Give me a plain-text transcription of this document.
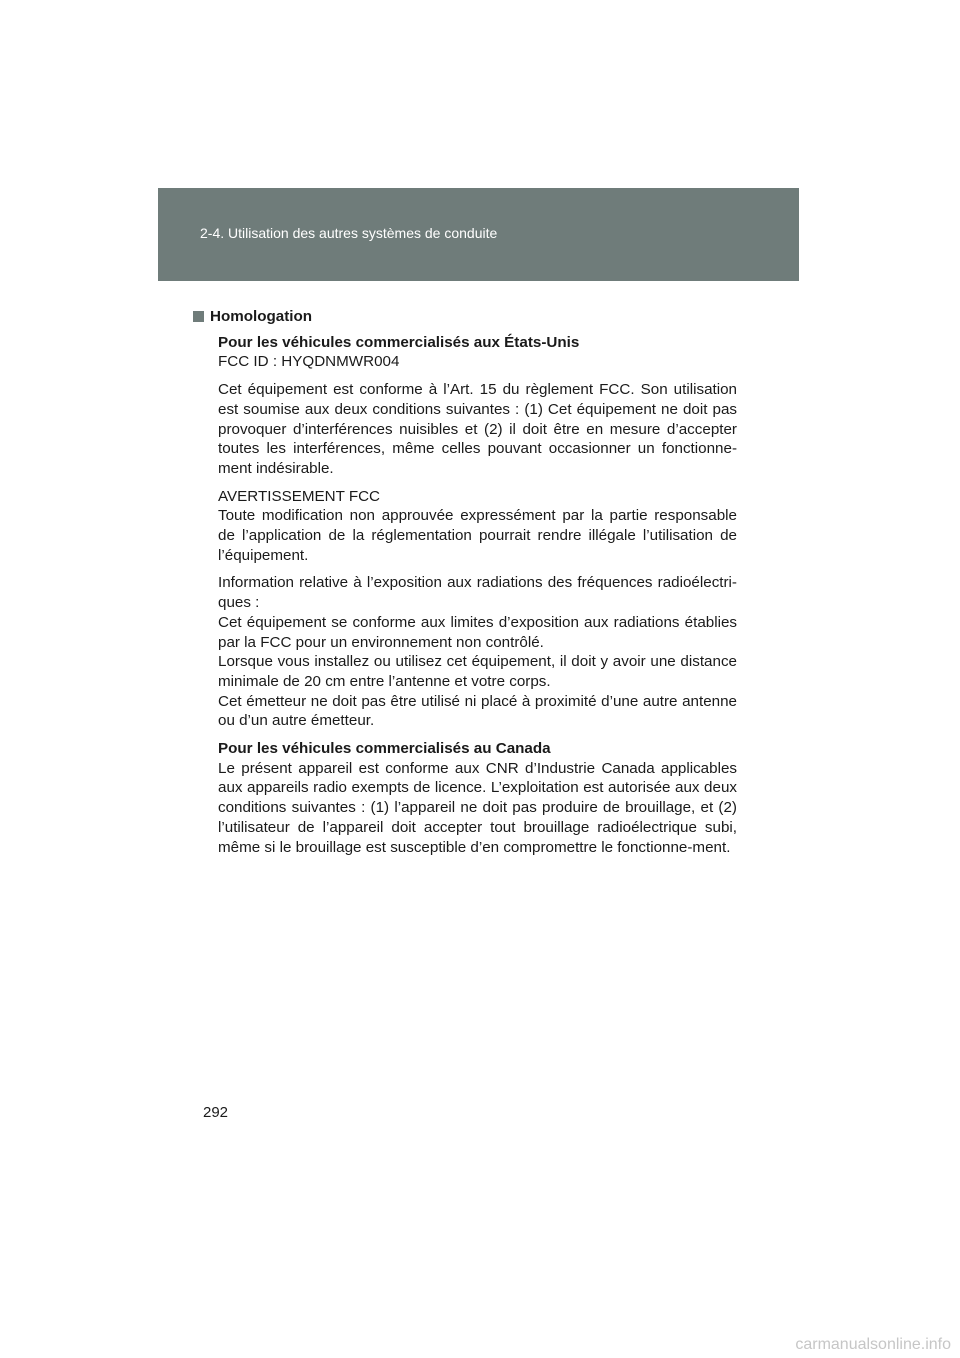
2-4. Utilisation des autres systèmes de conduite
Homologation
Pour les véhicules commercialisés aux États-Unis
FCC ID : HYQDNMWR004
Cet équipement est conforme à l’Art. 15 du règlement FCC. Son utilisation est soumise aux deux conditions suivantes : (1) Cet équipement ne doit pas provoquer d’interférences nuisibles et (2) il doit être en mesure d’accepter toutes les interférences, même celles pouvant occasionner un fonctionne-ment indésirable.
AVERTISSEMENT FCC
Toute modification non approuvée expressément par la partie responsable de l’application de la réglementation pourrait rendre illégale l’utilisation de l’équipement.
Information relative à l’exposition aux radiations des fréquences radioélectri-ques :
Cet équipement se conforme aux limites d’exposition aux radiations établies par la FCC pour un environnement non contrôlé.
Lorsque vous installez ou utilisez cet équipement, il doit y avoir une distance minimale de 20 cm entre l’antenne et votre corps.
Cet émetteur ne doit pas être utilisé ni placé à proximité d’une autre antenne ou d’un autre émetteur.
Pour les véhicules commercialisés au Canada
Le présent appareil est conforme aux CNR d’Industrie Canada applicables aux appareils radio exempts de licence. L’exploitation est autorisée aux deux conditions suivantes : (1) l’appareil ne doit pas produire de brouillage, et (2) l’utilisateur de l’appareil doit accepter tout brouillage radioélectrique subi, même si le brouillage est susceptible d’en compromettre le fonctionne-ment.
292
carmanualsonline.info
